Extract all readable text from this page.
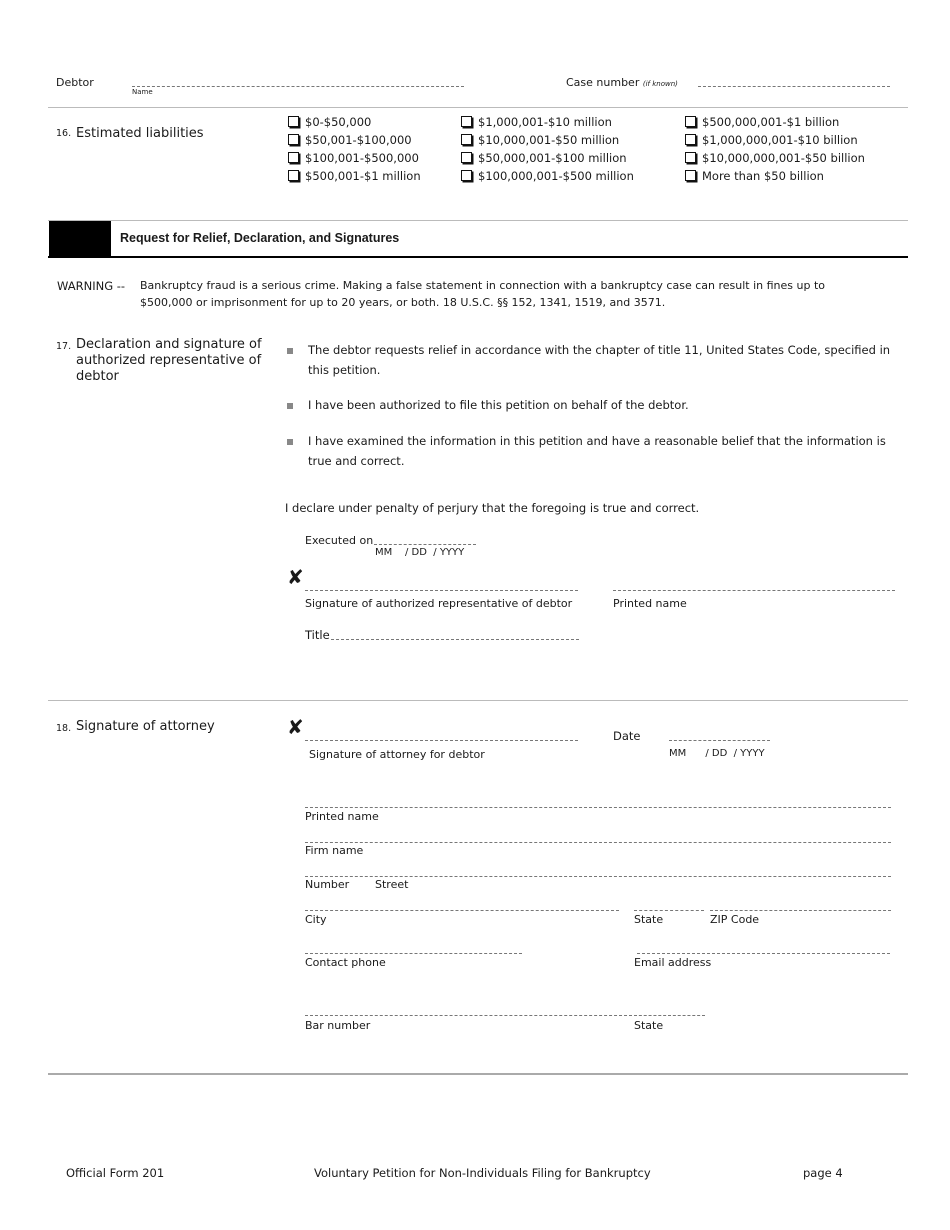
Debtor
Name
Case number (if known)
16. Estimated liabilities
$0-$50,000
$50,001-$100,000
$100,001-$500,000
$500,001-$1 million
$1,000,001-$10 million
$10,000,001-$50 million
$50,000,001-$100 million
$100,000,001-$500 million
$500,000,001-$1 billion
$1,000,000,001-$10 billion
$10,000,000,001-$50 billion
More than $50 billion
Request for Relief, Declaration, and Signatures
WARNING -- Bankruptcy fraud is a serious crime. Making a false statement in connection with a bankruptcy case can result in fines up to
$500,000 or imprisonment for up to 20 years, or both. 18 U.S.C. §§ 152, 1341, 1519, and 3571.
17. Declaration and signature of authorized representative of debtor
The debtor requests relief in accordance with the chapter of title 11, United States Code, specified in this petition.
I have been authorized to file this petition on behalf of the debtor.
I have examined the information in this petition and have a reasonable belief that the information is true and correct.
I declare under penalty of perjury that the foregoing is true and correct.
Executed on
MM    / DD  / YYYY
✘
Signature of authorized representative of debtor	Printed name
Title
18. Signature of attorney	✘
Signature of attorney for debtor
Date
MM      / DD  / YYYY
Printed name
Firm name
Number Street
City	State	ZIP Code
Contact phone	Email address
Bar number	State
Official Form 201	Voluntary Petition for Non-Individuals Filing for Bankruptcy	page 4
